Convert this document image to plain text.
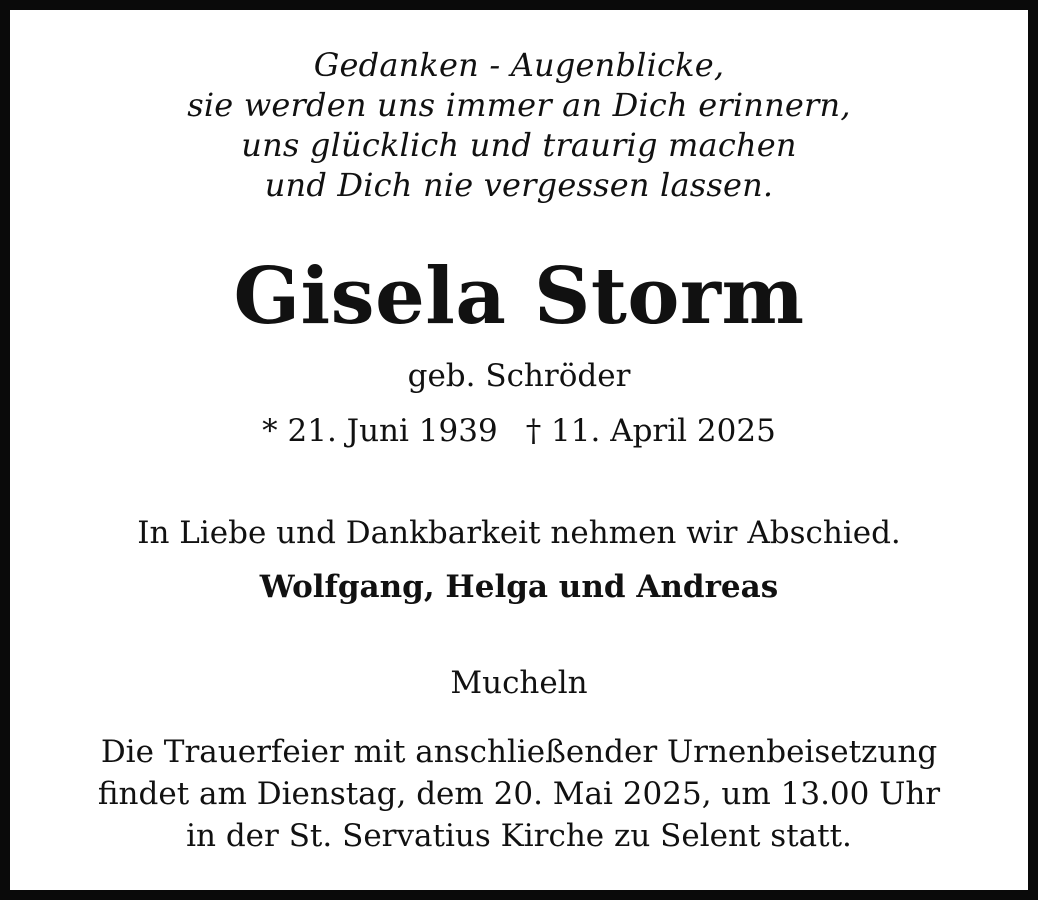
Gedanken - Augenblicke,
sie werden uns immer an Dich erinnern,
uns glücklich und traurig machen
und Dich nie vergessen lassen.
Gisela Storm
geb. Schröder
* 21. Juni 1939 † 11. April 2025
In Liebe und Dankbarkeit nehmen wir Abschied.
Wolfgang, Helga und Andreas
Mucheln
Die Trauerfeier mit anschließender Urnenbeisetzung
findet am Dienstag, dem 20. Mai 2025, um 13.00 Uhr
in der St. Servatius Kirche zu Selent statt.
